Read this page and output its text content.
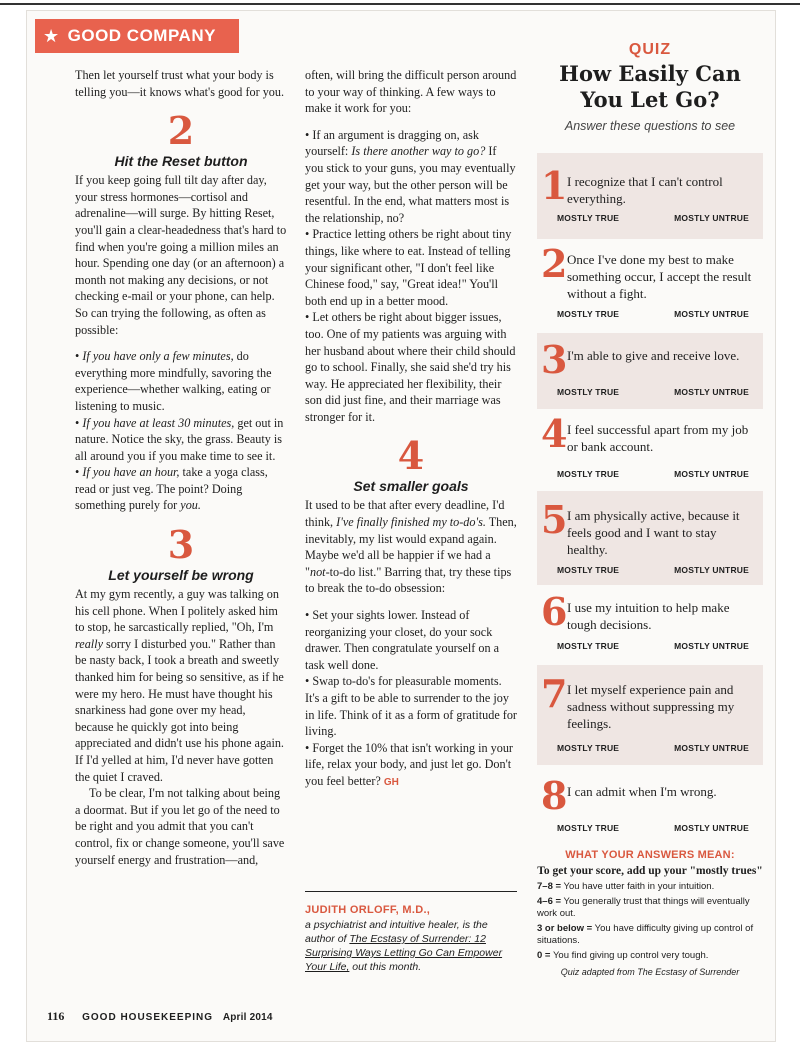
★ GOOD COMPANY

Then let yourself trust what your body is telling you—it knows what's good for you.

2
Hit the Reset button

If you keep going full tilt day after day, your stress hormones—cortisol and adrenaline—will surge. By hitting Reset, you'll gain a clear-headedness that's hard to find when you're going a million miles an hour. Spending one day (or an afternoon) a month not making any decisions, or not checking e-mail or your phone, can help. So can trying the following, as often as possible:

• If you have only a few minutes, do everything more mindfully, savoring the experience—whether walking, eating or listening to music.

• If you have at least 30 minutes, get out in nature. Notice the sky, the grass. Beauty is all around you if you make time to see it.

• If you have an hour, take a yoga class, read or just veg. The point? Doing something purely for you.

3
Let yourself be wrong

At my gym recently, a guy was talking on his cell phone. When I politely asked him to stop, he sarcastically replied, "Oh, I'm really sorry I disturbed you." Rather than be nasty back, I took a breath and sweetly thanked him for being so sensitive, as if he were my hero. He must have thought his snarkiness had gone over my head, because he quickly got into being appreciated and didn't use his phone again. If I'd yelled at him, I'd never have gotten the quiet I craved.

To be clear, I'm not talking about being a doormat. But if you let go of the need to be right and you admit that you can't control, fix or change someone, you'll save yourself energy and frustration—and,

often, will bring the difficult person around to your way of thinking. A few ways to make it work for you:

• If an argument is dragging on, ask yourself: Is there another way to go? If you stick to your guns, you may eventually get your way, but the other person will be resentful. In the end, what matters most is the relationship, no?

• Practice letting others be right about tiny things, like where to eat. Instead of telling your significant other, "I don't feel like Chinese food," say, "Great idea!" You'll both end up in a better mood.

• Let others be right about bigger issues, too. One of my patients was arguing with her husband about where their child should go to school. Finally, she said she'd try his way. He appreciated her flexibility, their son did just fine, and their marriage was stronger for it.

4
Set smaller goals

It used to be that after every deadline, I'd think, I've finally finished my to-do's. Then, inevitably, my list would expand again. Maybe we'd all be happier if we had a "not-to-do list." Barring that, try these tips to break the to-do obsession:

• Set your sights lower. Instead of reorganizing your closet, do your sock drawer. Then congratulate yourself on a task well done.

• Swap to-do's for pleasurable moments. It's a gift to be able to surrender to the joy in life. Think of it as a form of gratitude for living.

• Forget the 10% that isn't working in your life, relax your body, and just let go. Don't you feel better? GH

JUDITH ORLOFF, M.D.,
a psychiatrist and intuitive healer, is the author of The Ecstasy of Surrender: 12 Surprising Ways Letting Go Can Empower Your Life, out this month.
QUIZ
How Easily Can You Let Go?
Answer these questions to see
1 I recognize that I can't control everything.
MOSTLY TRUE	MOSTLY UNTRUE
2 Once I've done my best to make something occur, I accept the result without a fight.
MOSTLY TRUE	MOSTLY UNTRUE
3 I'm able to give and receive love.
MOSTLY TRUE	MOSTLY UNTRUE
4 I feel successful apart from my job or bank account.
MOSTLY TRUE	MOSTLY UNTRUE
5 I am physically active, because it feels good and I want to stay healthy.
MOSTLY TRUE	MOSTLY UNTRUE
6 I use my intuition to help make tough decisions.
MOSTLY TRUE	MOSTLY UNTRUE
7 I let myself experience pain and sadness without suppressing my feelings.
MOSTLY TRUE	MOSTLY UNTRUE
8 I can admit when I'm wrong.
MOSTLY TRUE	MOSTLY UNTRUE
WHAT YOUR ANSWERS MEAN:
To get your score, add up your "mostly trues"
7–8 = You have utter faith in your intuition.
4–6 = You generally trust that things will eventually work out.
3 or below = You have difficulty giving up control of situations.
0 = You find giving up control very tough.
Quiz adapted from The Ecstasy of Surrender
116 GOOD HOUSEKEEPING April 2014
